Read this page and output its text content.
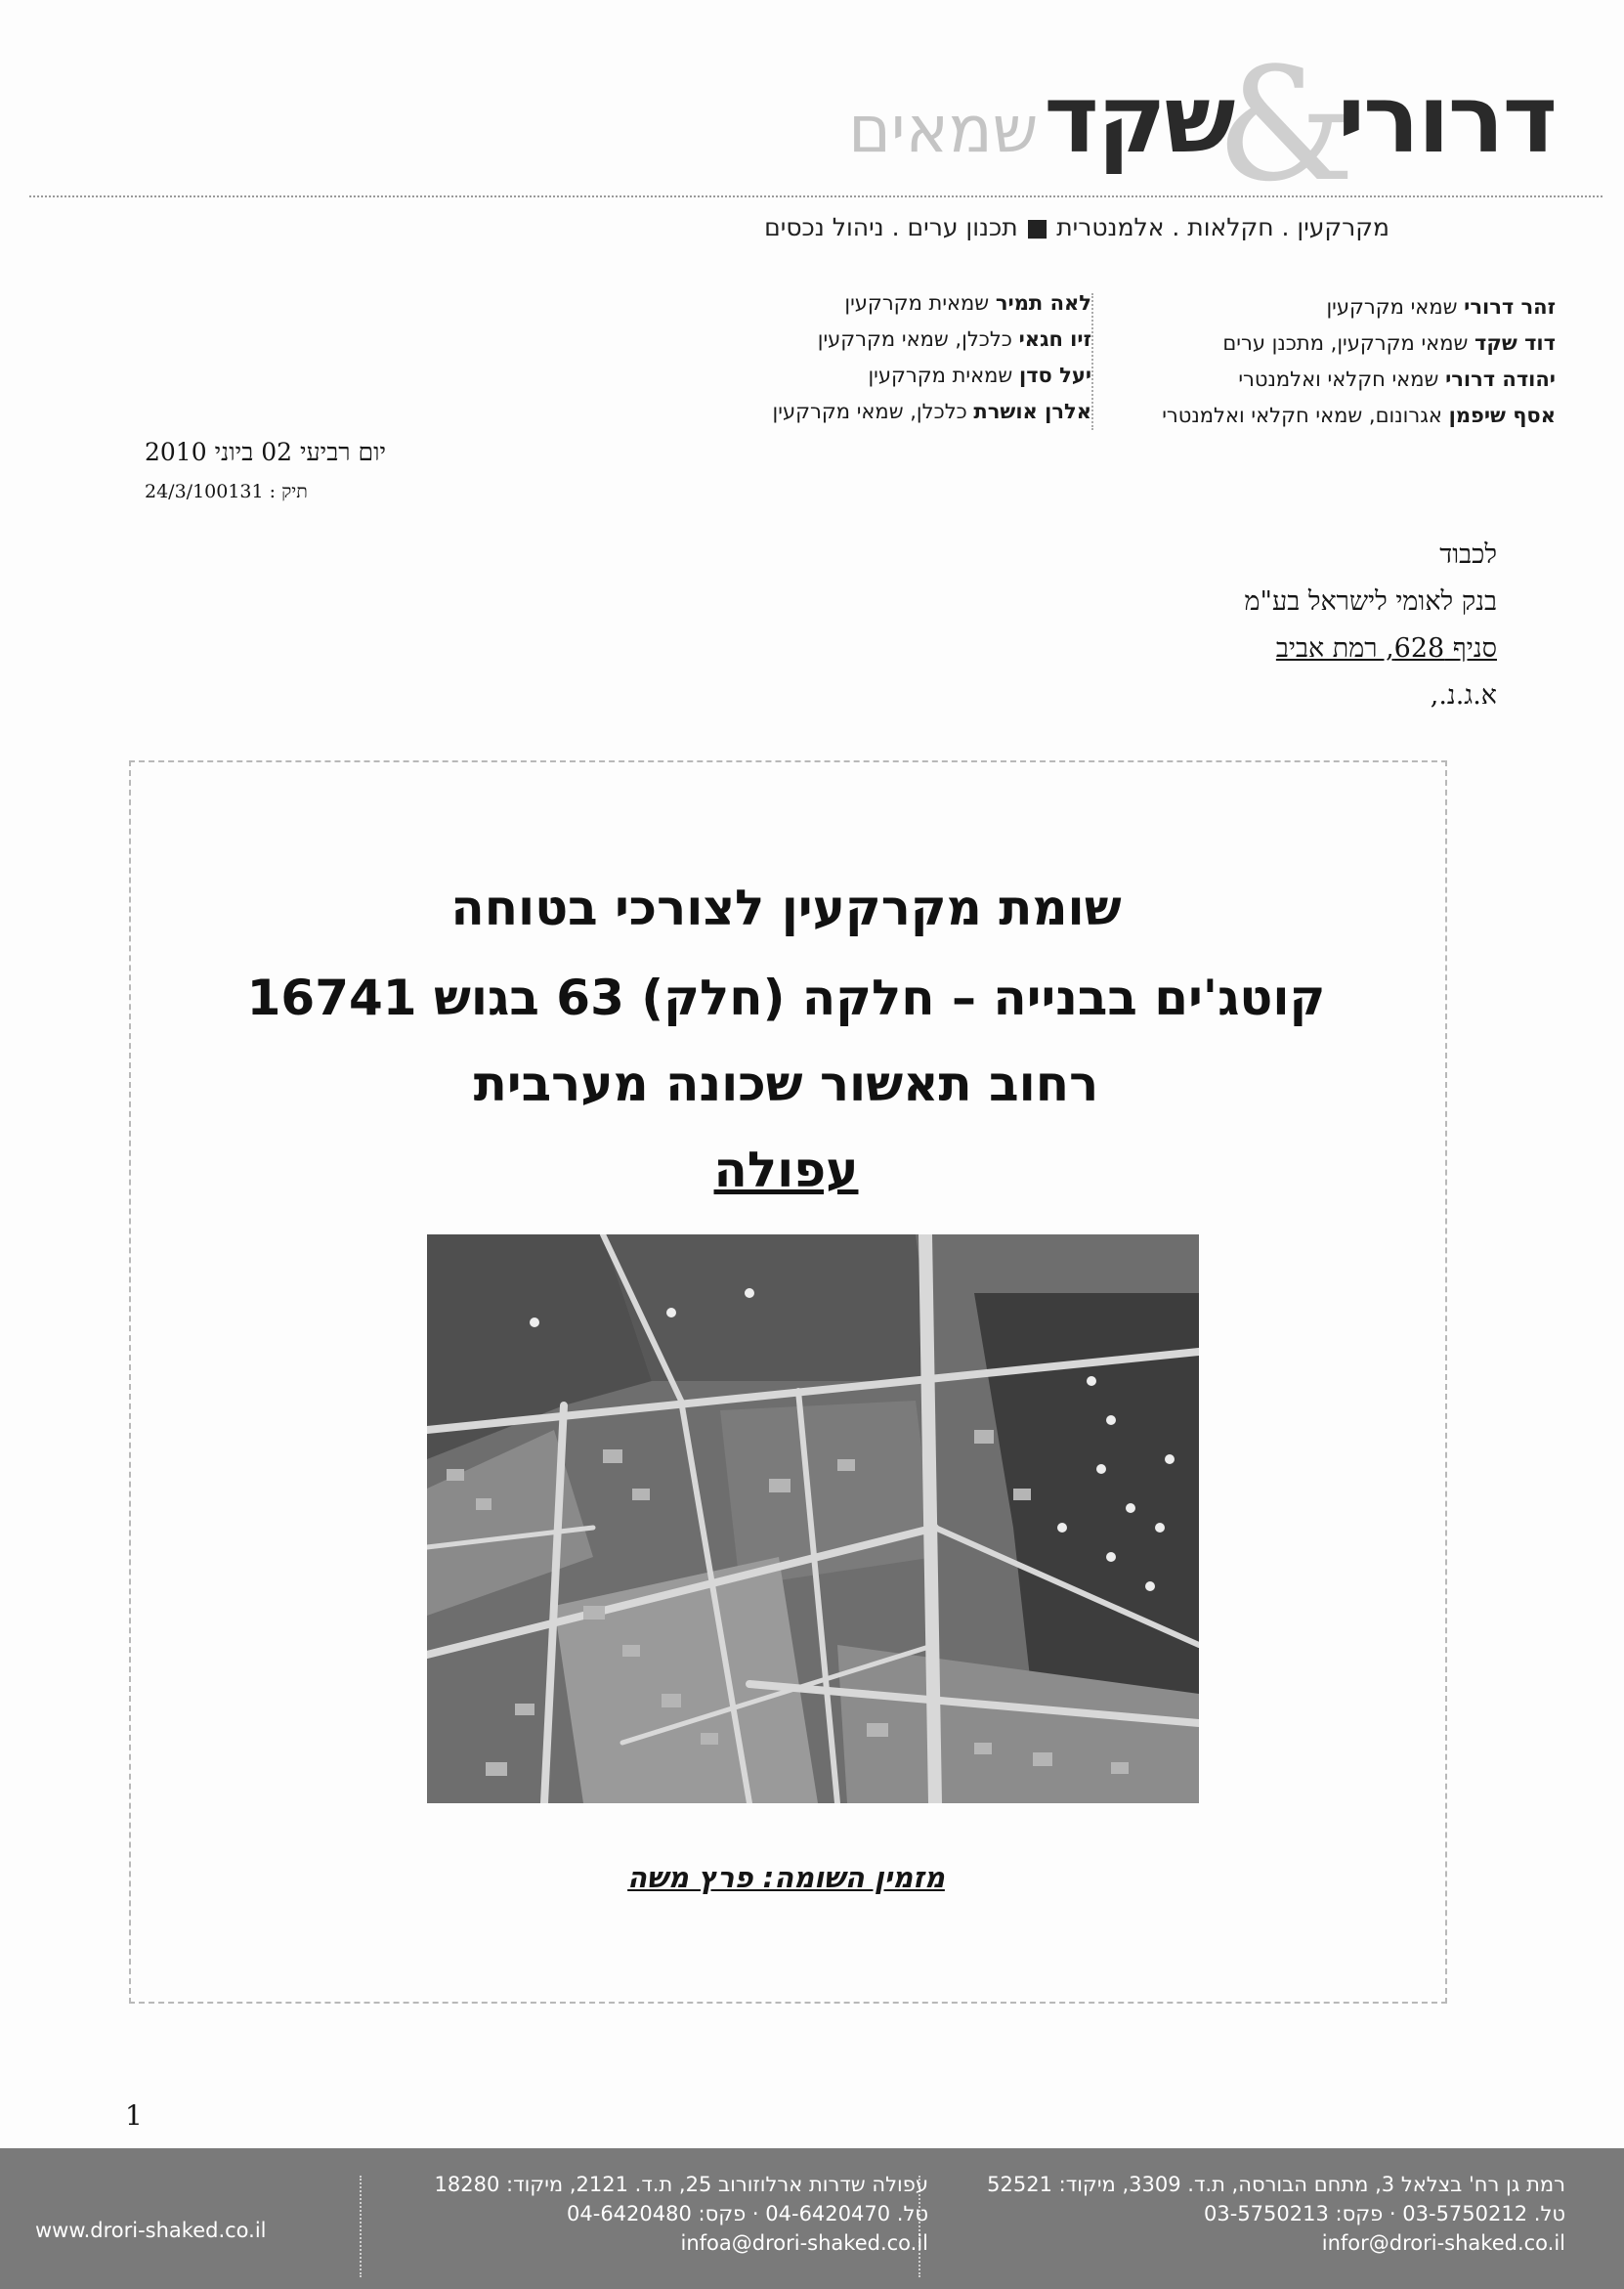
דרורי&שקדשמאים
מקרקעין . חקלאות . אלמנטרית ■ תכנון ערים . ניהול נכסים
זהר דרורי שמאי מקרקעין
דוד שקד שמאי מקרקעין, מתכנן ערים
יהודה דרורי שמאי חקלאי ואלמנטרי
אסף שיפמן אגרונום, שמאי חקלאי ואלמנטרי
לאה תמיר שמאית מקרקעין
זיו חגאי כלכלן, שמאי מקרקעין
יעל סדן שמאית מקרקעין
אלרן אושרת כלכלן, שמאי מקרקעין
יום רביעי 02 ביוני 2010
תיק : 24/3/100131
לכבוד
בנק לאומי לישראל בע"מ
סניף 628, רמת אביב
א.ג.נ.,
שומת מקרקעין לצורכי בטוחה
קוטג'ים בבנייה – חלקה (חלק) 63 בגוש 16741
רחוב תאשור שכונה מערבית
עפולה
מזמין השומה: פרץ משה
1
רמת גן רח' בצלאל 3, מתחם הבורסה, ת.ד. 3309, מיקוד: 52521
טל. 03-5750212 · פקס: 03-5750213
infor@drori-shaked.co.il
עפולה שדרות ארלוזורוב 25, ת.ד. 2121, מיקוד: 18280
טל. 04-6420470 · פקס: 04-6420480
infoa@drori-shaked.co.il
www.drori-shaked.co.il
